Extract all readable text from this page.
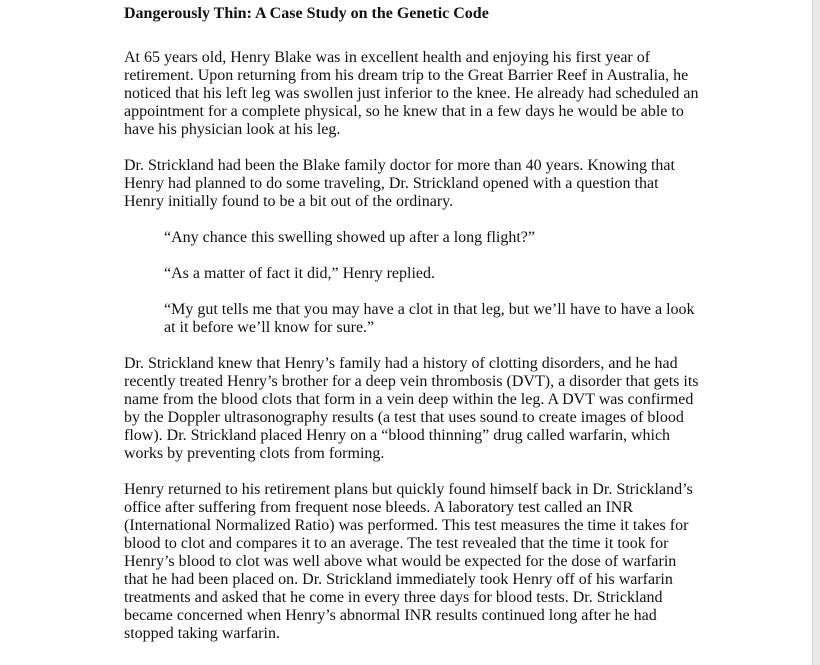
Dangerously Thin: A Case Study on the Genetic Code

At 65 years old, Henry Blake was in excellent health and enjoying his first year of
retirement. Upon returning from his dream trip to the Great Barrier Reef in Australia, he
noticed that his left leg was swollen just inferior to the knee. He already had scheduled an
appointment for a complete physical, so he knew that in a few days he would be able to
have his physician look at his leg.

Dr. Strickland had been the Blake family doctor for more than 40 years. Knowing that
Henry had planned to do some traveling, Dr. Strickland opened with a question that
Henry initially found to be a bit out of the ordinary.

“Any chance this swelling showed up after a long flight?”

“As a matter of fact it did,” Henry replied.

“My gut tells me that you may have a clot in that leg, but we’ll have to have a look
at it before we’ll know for sure.”

Dr. Strickland knew that Henry’s family had a history of clotting disorders, and he had
recently treated Henry’s brother for a deep vein thrombosis (DVT), a disorder that gets its
name from the blood clots that form in a vein deep within the leg. A DVT was confirmed
by the Doppler ultrasonography results (a test that uses sound to create images of blood
flow). Dr. Strickland placed Henry on a “blood thinning” drug called warfarin, which
works by preventing clots from forming.

Henry returned to his retirement plans but quickly found himself back in Dr. Strickland’s
office after suffering from frequent nose bleeds. A laboratory test called an INR
(International Normalized Ratio) was performed. This test measures the time it takes for
blood to clot and compares it to an average. The test revealed that the time it took for
Henry’s blood to clot was well above what would be expected for the dose of warfarin
that he had been placed on. Dr. Strickland immediately took Henry off of his warfarin
treatments and asked that he come in every three days for blood tests. Dr. Strickland
became concerned when Henry’s abnormal INR results continued long after he had
stopped taking warfarin.
